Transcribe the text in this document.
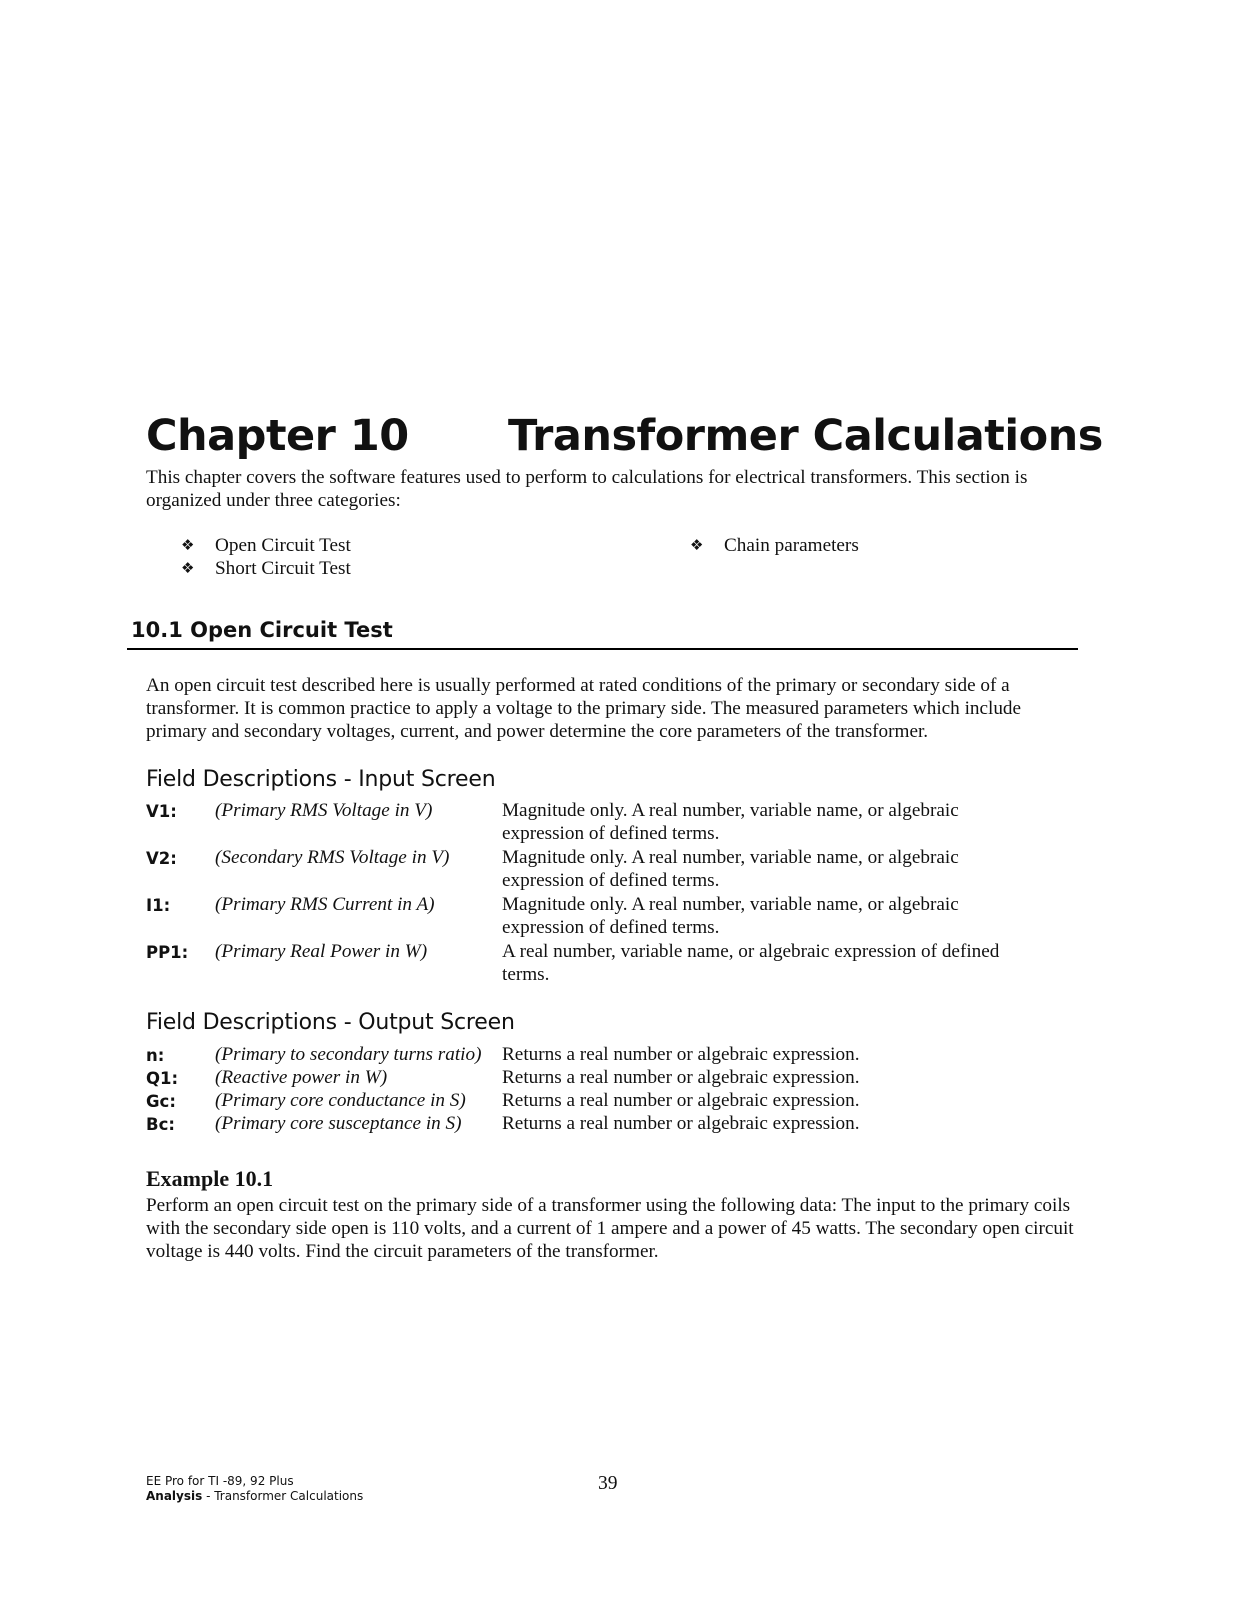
Chapter 10 Transformer Calculations
This chapter covers the software features used to perform to calculations for electrical transformers. This section is organized under three categories:
❖ Open Circuit Test
❖ Short Circuit Test
❖ Chain parameters
10.1 Open Circuit Test
An open circuit test described here is usually performed at rated conditions of the primary or secondary side of a transformer. It is common practice to apply a voltage to the primary side. The measured parameters which include primary and secondary voltages, current, and power determine the core parameters of the transformer.
Field Descriptions - Input Screen
V1: (Primary RMS Voltage in V)	Magnitude only. A real number, variable name, or algebraic expression of defined terms.
V2: (Secondary RMS Voltage in V)	Magnitude only. A real number, variable name, or algebraic expression of defined terms.
I1: (Primary RMS Current in A)	Magnitude only. A real number, variable name, or algebraic expression of defined terms.
PP1: (Primary Real Power in W)	A real number, variable name, or algebraic expression of defined terms.
Field Descriptions - Output Screen
n:	(Primary to secondary turns ratio) Returns a real number or algebraic expression.
Q1: (Reactive power in W)	Returns a real number or algebraic expression.
Gc: (Primary core conductance in S) Returns a real number or algebraic expression.
Bc: (Primary core susceptance in S) Returns a real number or algebraic expression.
Example 10.1
Perform an open circuit test on the primary side of a transformer using the following data: The input to the primary coils with the secondary side open is 110 volts, and a current of 1 ampere and a power of 45 watts. The secondary open circuit voltage is 440 volts. Find the circuit parameters of the transformer.
EE Pro for TI -89, 92 Plus
Analysis - Transformer Calculations
39
